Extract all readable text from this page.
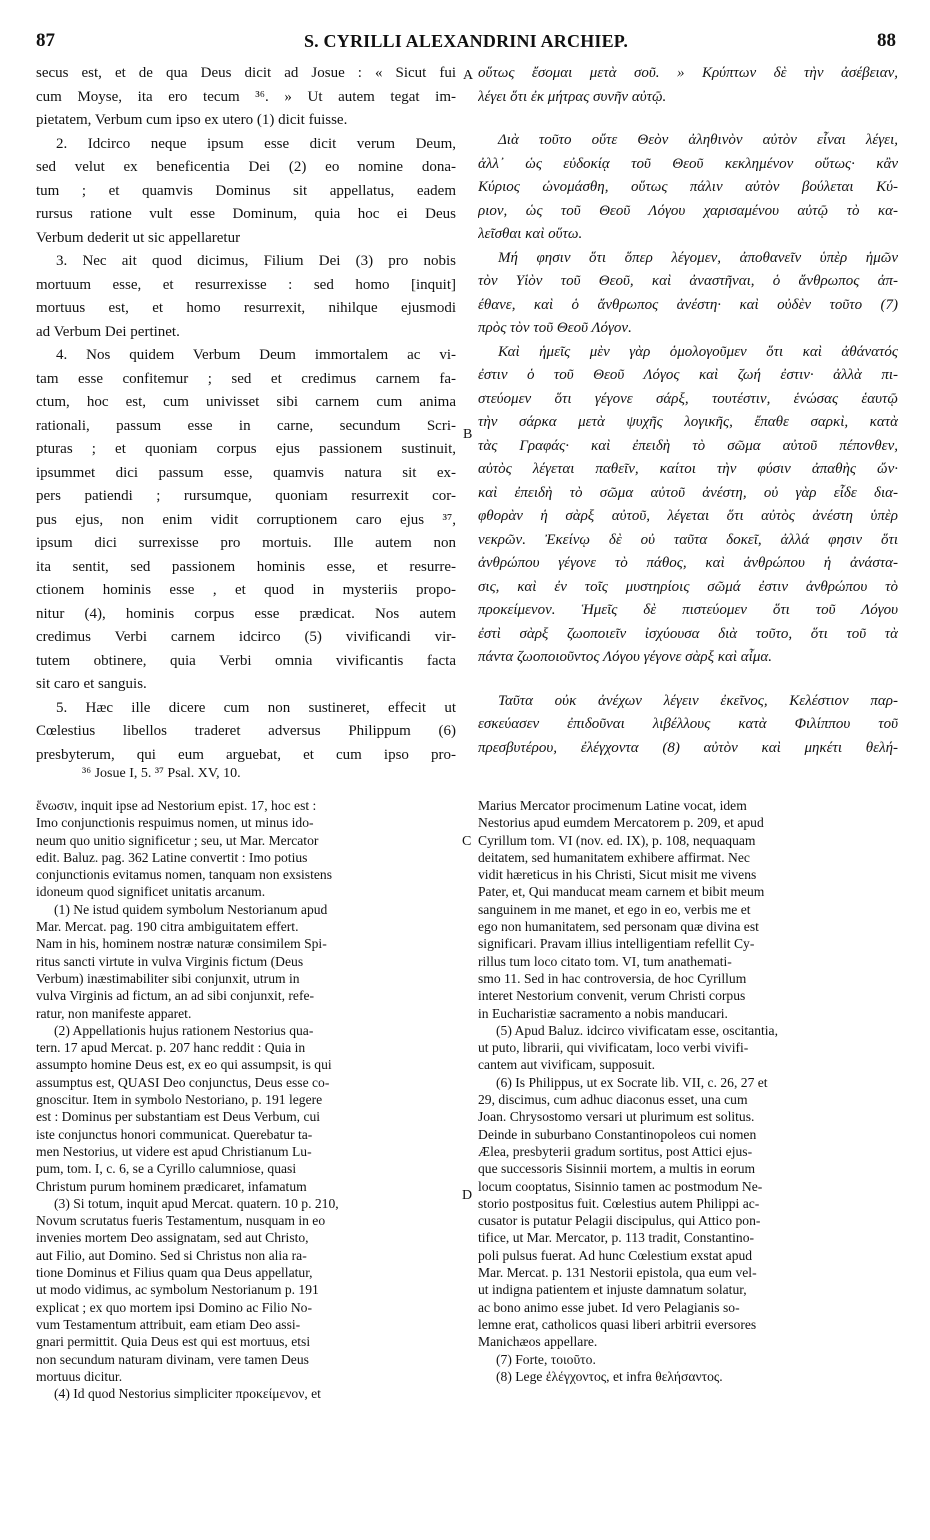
87	S. CYRILLI ALEXANDRINI ARCHIEP.	88
A
B
C
D

secus est, et de qua Deus dicit ad Josue : « Sicut fui

cum Moyse, ita ero tecum ³⁶. » Ut autem tegat im-

pietatem, Verbum cum ipso ex utero (1) dicit fuisse.

2. Idcirco neque ipsum esse dicit verum Deum,

sed velut ex beneficentia Dei (2) eo nomine dona-

tum ; et quamvis Dominus sit appellatus, eadem

rursus ratione vult esse Dominum, quia hoc ei Deus

Verbum dederit ut sic appellaretur

3. Nec ait quod dicimus, Filium Dei (3) pro nobis

mortuum esse, et resurrexisse : sed homo [inquit]

mortuus est, et homo resurrexit, nihilque ejusmodi

ad Verbum Dei pertinet.

4. Nos quidem Verbum Deum immortalem ac vi-

tam esse confitemur ; sed et credimus carnem fa-

ctum, hoc est, cum univisset sibi carnem cum anima

rationali, passum esse in carne, secundum Scri-

pturas ; et quoniam corpus ejus passionem sustinuit,

ipsummet dici passum esse, quamvis natura sit ex-

pers patiendi ; rursumque, quoniam resurrexit cor-

pus ejus, non enim vidit corruptionem caro ejus ³⁷,

ipsum dici surrexisse pro mortuis. Ille autem non

ita sentit, sed passionem hominis esse, et resurre-

ctionem hominis esse , et quod in mysteriis propo-

nitur (4), hominis corpus esse prædicat. Nos autem

credimus Verbi carnem idcirco (5) vivificandi vir-

tutem obtinere, quia Verbi omnia vivificantis facta

sit caro et sanguis.

5. Hæc ille dicere cum non sustineret, effecit ut

Cœlestius libellos traderet adversus Philippum (6)

presbyterum, qui eum arguebat, et cum ipso pro-

οὕτως ἔσομαι μετὰ σοῦ. » Κρύπτων δὲ τὴν ἀσέβειαν,

λέγει ὅτι ἐκ μήτρας συνῆν αὐτῷ.

Διὰ τοῦτο οὔτε Θεὸν ἀληθινὸν αὐτὸν εἶναι λέγει,

ἀλλ᾽ ὡς εὐδοκίᾳ τοῦ Θεοῦ κεκλημένον οὕτως· κἂν

Κύριος ὠνομάσθη, οὕτως πάλιν αὐτὸν βούλεται Κύ-

ριον, ὡς τοῦ Θεοῦ Λόγου χαρισαμένου αὐτῷ τὸ κα-

λεῖσθαι καὶ οὕτω.

Μή φησιν ὅτι ὅπερ λέγομεν, ἀποθανεῖν ὑπὲρ ἡμῶν

τὸν Υἱὸν τοῦ Θεοῦ, καὶ ἀναστῆναι, ὁ ἄνθρωπος ἀπ-

έθανε, καὶ ὁ ἄνθρωπος ἀνέστη· καὶ οὐδὲν τοῦτο (7)

πρὸς τὸν τοῦ Θεοῦ Λόγον.

Καὶ ἡμεῖς μὲν γὰρ ὁμολογοῦμεν ὅτι καὶ ἀθάνατός

ἐστιν ὁ τοῦ Θεοῦ Λόγος καὶ ζωή ἐστιν· ἀλλὰ πι-

στεύομεν ὅτι γέγονε σάρξ, τουτέστιν, ἑνώσας ἑαυτῷ

τὴν σάρκα μετὰ ψυχῆς λογικῆς, ἔπαθε σαρκὶ, κατὰ

τὰς Γραφάς· καὶ ἐπειδὴ τὸ σῶμα αὐτοῦ πέπονθεν,

αὐτὸς λέγεται παθεῖν, καίτοι τὴν φύσιν ἀπαθὴς ὤν·

καὶ ἐπειδὴ τὸ σῶμα αὐτοῦ ἀνέστη, οὐ γὰρ εἶδε δια-

φθορὰν ἡ σὰρξ αὐτοῦ, λέγεται ὅτι αὐτὸς ἀνέστη ὑπὲρ

νεκρῶν. Ἐκείνῳ δὲ οὐ ταῦτα δοκεῖ, ἀλλά φησιν ὅτι

ἀνθρώπου γέγονε τὸ πάθος, καὶ ἀνθρώπου ἡ ἀνάστα-

σις, καὶ ἐν τοῖς μυστηρίοις σῶμά ἐστιν ἀνθρώπου τὸ

προκείμενον. Ἡμεῖς δὲ πιστεύομεν ὅτι τοῦ Λόγου

ἐστὶ σὰρξ ζωοποιεῖν ἰσχύουσα διὰ τοῦτο, ὅτι τοῦ τὰ

πάντα ζωοποιοῦντος Λόγου γέγονε σὰρξ καὶ αἷμα.

Ταῦτα οὐκ ἀνέχων λέγειν ἐκεῖνος, Κελέστιον παρ-

εσκεύασεν ἐπιδοῦναι λιβέλλους κατὰ Φιλίππου τοῦ

πρεσβυτέρου, ἐλέγχοντα (8) αὐτὸν καὶ μηκέτι θελή-

³⁶ Josue I, 5. ³⁷ Psal. XV, 10.
ἕνωσιν, inquit ipse ad Nestorium epist. 17, hoc est :
Imo conjunctionis respuimus nomen, ut minus ido-
neum quo unitio significetur ; seu, ut Mar. Mercator
edit. Baluz. pag. 362 Latine convertit : Imo potius
conjunctionis evitamus nomen, tanquam non exsistens
idoneum quod significet unitatis arcanum.
(1) Ne istud quidem symbolum Nestorianum apud
Mar. Mercat. pag. 190 citra ambiguitatem effert.
Nam in his, hominem nostræ naturæ consimilem Spi-
ritus sancti virtute in vulva Virginis fictum (Deus
Verbum) inæstimabiliter sibi conjunxit, utrum in
vulva Virginis ad fictum, an ad sibi conjunxit, refe-
ratur, non manifeste apparet.
(2) Appellationis hujus rationem Nestorius qua-
tern. 17 apud Mercat. p. 207 hanc reddit : Quia in
assumpto homine Deus est, ex eo qui assumpsit, is qui
assumptus est, QUASI Deo conjunctus, Deus esse co-
gnoscitur. Item in symbolo Nestoriano, p. 191 legere
est : Dominus per substantiam est Deus Verbum, cui
iste conjunctus honori communicat. Querebatur ta-
men Nestorius, ut videre est apud Christianum Lu-
pum, tom. I, c. 6, se a Cyrillo calumniose, quasi
Christum purum hominem prædicaret, infamatum
(3) Si totum, inquit apud Mercat. quatern. 10 p. 210,
Novum scrutatus fueris Testamentum, nusquam in eo
invenies mortem Deo assignatam, sed aut Christo,
aut Filio, aut Domino. Sed si Christus non alia ra-
tione Dominus et Filius quam qua Deus appellatur,
ut modo vidimus, ac symbolum Nestorianum p. 191
explicat ; ex quo mortem ipsi Domino ac Filio No-
vum Testamentum attribuit, eam etiam Deo assi-
gnari permittit. Quia Deus est qui est mortuus, etsi
non secundum naturam divinam, vere tamen Deus
mortuus dicitur.
(4) Id quod Nestorius simpliciter προκείμενον, et
Marius Mercator procimenum Latine vocat, idem
Nestorius apud eumdem Mercatorem p. 209, et apud
Cyrillum tom. VI (nov. ed. IX), p. 108, nequaquam
deitatem, sed humanitatem exhibere affirmat. Nec
vidit hæreticus in his Christi, Sicut misit me vivens
Pater, et, Qui manducat meam carnem et bibit meum
sanguinem in me manet, et ego in eo, verbis me et
ego non humanitatem, sed personam quæ divina est
significari. Pravam illius intelligentiam refellit Cy-
rillus tum loco citato tom. VI, tum anathemati-
smo 11. Sed in hac controversia, de hoc Cyrillum
interet Nestorium convenit, verum Christi corpus
in Eucharistiæ sacramento a nobis manducari.
(5) Apud Baluz. idcirco vivificatam esse, oscitantia,
ut puto, librarii, qui vivificatam, loco verbi vivifi-
cantem aut vivificam, supposuit.
(6) Is Philippus, ut ex Socrate lib. VII, c. 26, 27 et
29, discimus, cum adhuc diaconus esset, una cum
Joan. Chrysostomo versari ut plurimum est solitus.
Deinde in suburbano Constantinopoleos cui nomen
Ælea, presbyterii gradum sortitus, post Attici ejus-
que successoris Sisinnii mortem, a multis in eorum
locum cooptatus, Sisinnio tamen ac postmodum Ne-
storio postpositus fuit. Cœlestius autem Philippi ac-
cusator is putatur Pelagii discipulus, qui Attico pon-
tifice, ut Mar. Mercator, p. 113 tradit, Constantino-
poli pulsus fuerat. Ad hunc Cœlestium exstat apud
Mar. Mercat. p. 131 Nestorii epistola, qua eum vel-
ut indigna patientem et injuste damnatum solatur,
ac bono animo esse jubet. Id vero Pelagianis so-
lemne erat, catholicos quasi liberi arbitrii eversores
Manichæos appellare.
(7) Forte, τοιοῦτο.
(8) Lege ἐλέγχοντος, et infra θελήσαντος.
